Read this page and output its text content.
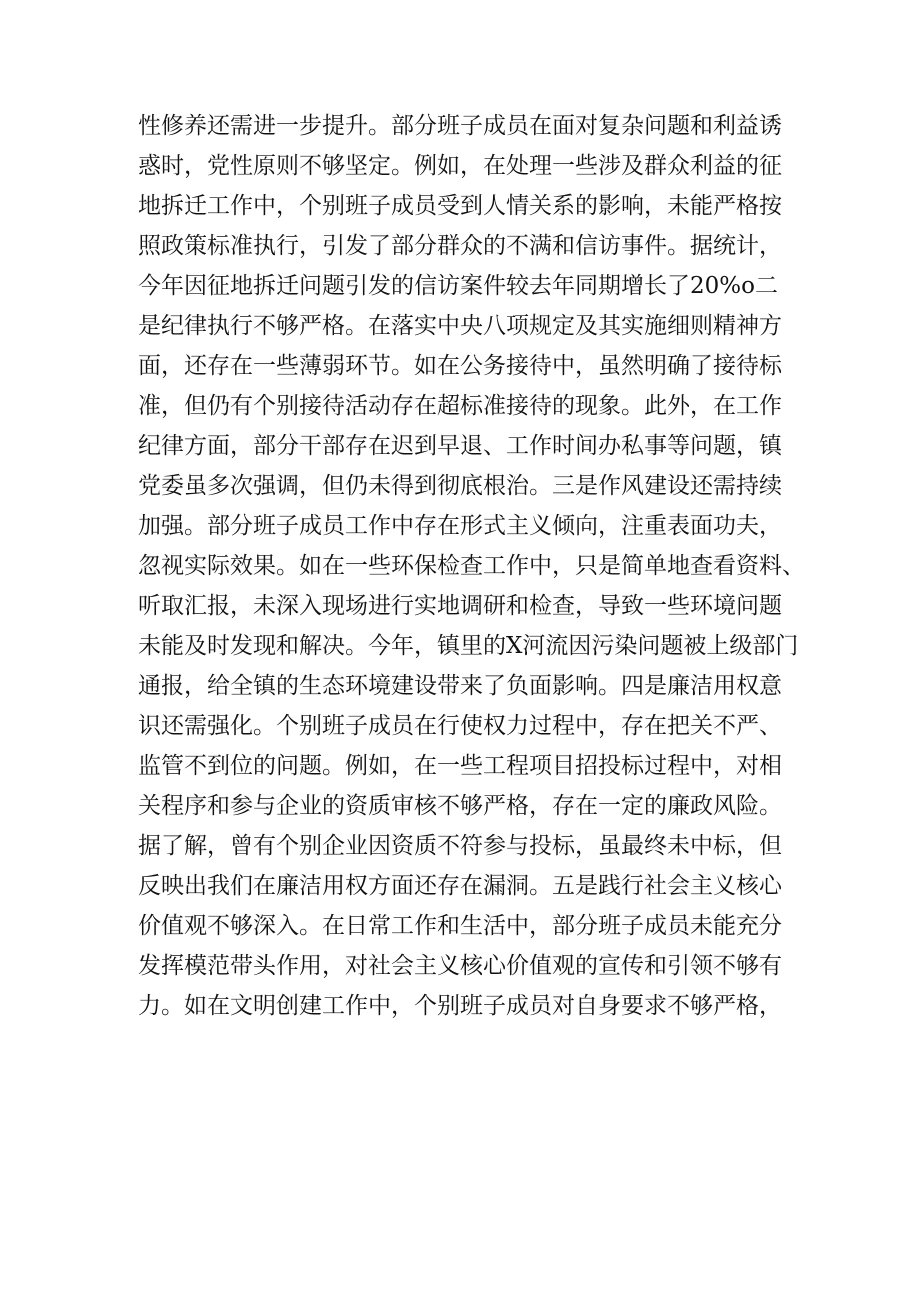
性修养还需进一步提升。部分班子成员在面对复杂问题和利益诱
惑时，党性原则不够坚定。例如，在处理一些涉及群众利益的征
地拆迁工作中，个别班子成员受到人情关系的影响，未能严格按
照政策标准执行，引发了部分群众的不满和信访事件。据统计，
今年因征地拆迁问题引发的信访案件较去年同期增长了20%o二
是纪律执行不够严格。在落实中央八项规定及其实施细则精神方
面，还存在一些薄弱环节。如在公务接待中，虽然明确了接待标
准，但仍有个别接待活动存在超标准接待的现象。此外，在工作
纪律方面，部分干部存在迟到早退、工作时间办私事等问题，镇
党委虽多次强调，但仍未得到彻底根治。三是作风建设还需持续
加强。部分班子成员工作中存在形式主义倾向，注重表面功夫，
忽视实际效果。如在一些环保检查工作中，只是简单地查看资料、
听取汇报，未深入现场进行实地调研和检查，导致一些环境问题
未能及时发现和解决。今年，镇里的X河流因污染问题被上级部门
通报，给全镇的生态环境建设带来了负面影响。四是廉洁用权意
识还需强化。个别班子成员在行使权力过程中，存在把关不严、
监管不到位的问题。例如，在一些工程项目招投标过程中，对相
关程序和参与企业的资质审核不够严格，存在一定的廉政风险。
据了解，曾有个别企业因资质不符参与投标，虽最终未中标，但
反映出我们在廉洁用权方面还存在漏洞。五是践行社会主义核心
价值观不够深入。在日常工作和生活中，部分班子成员未能充分
发挥模范带头作用，对社会主义核心价值观的宣传和引领不够有
力。如在文明创建工作中，个别班子成员对自身要求不够严格，
